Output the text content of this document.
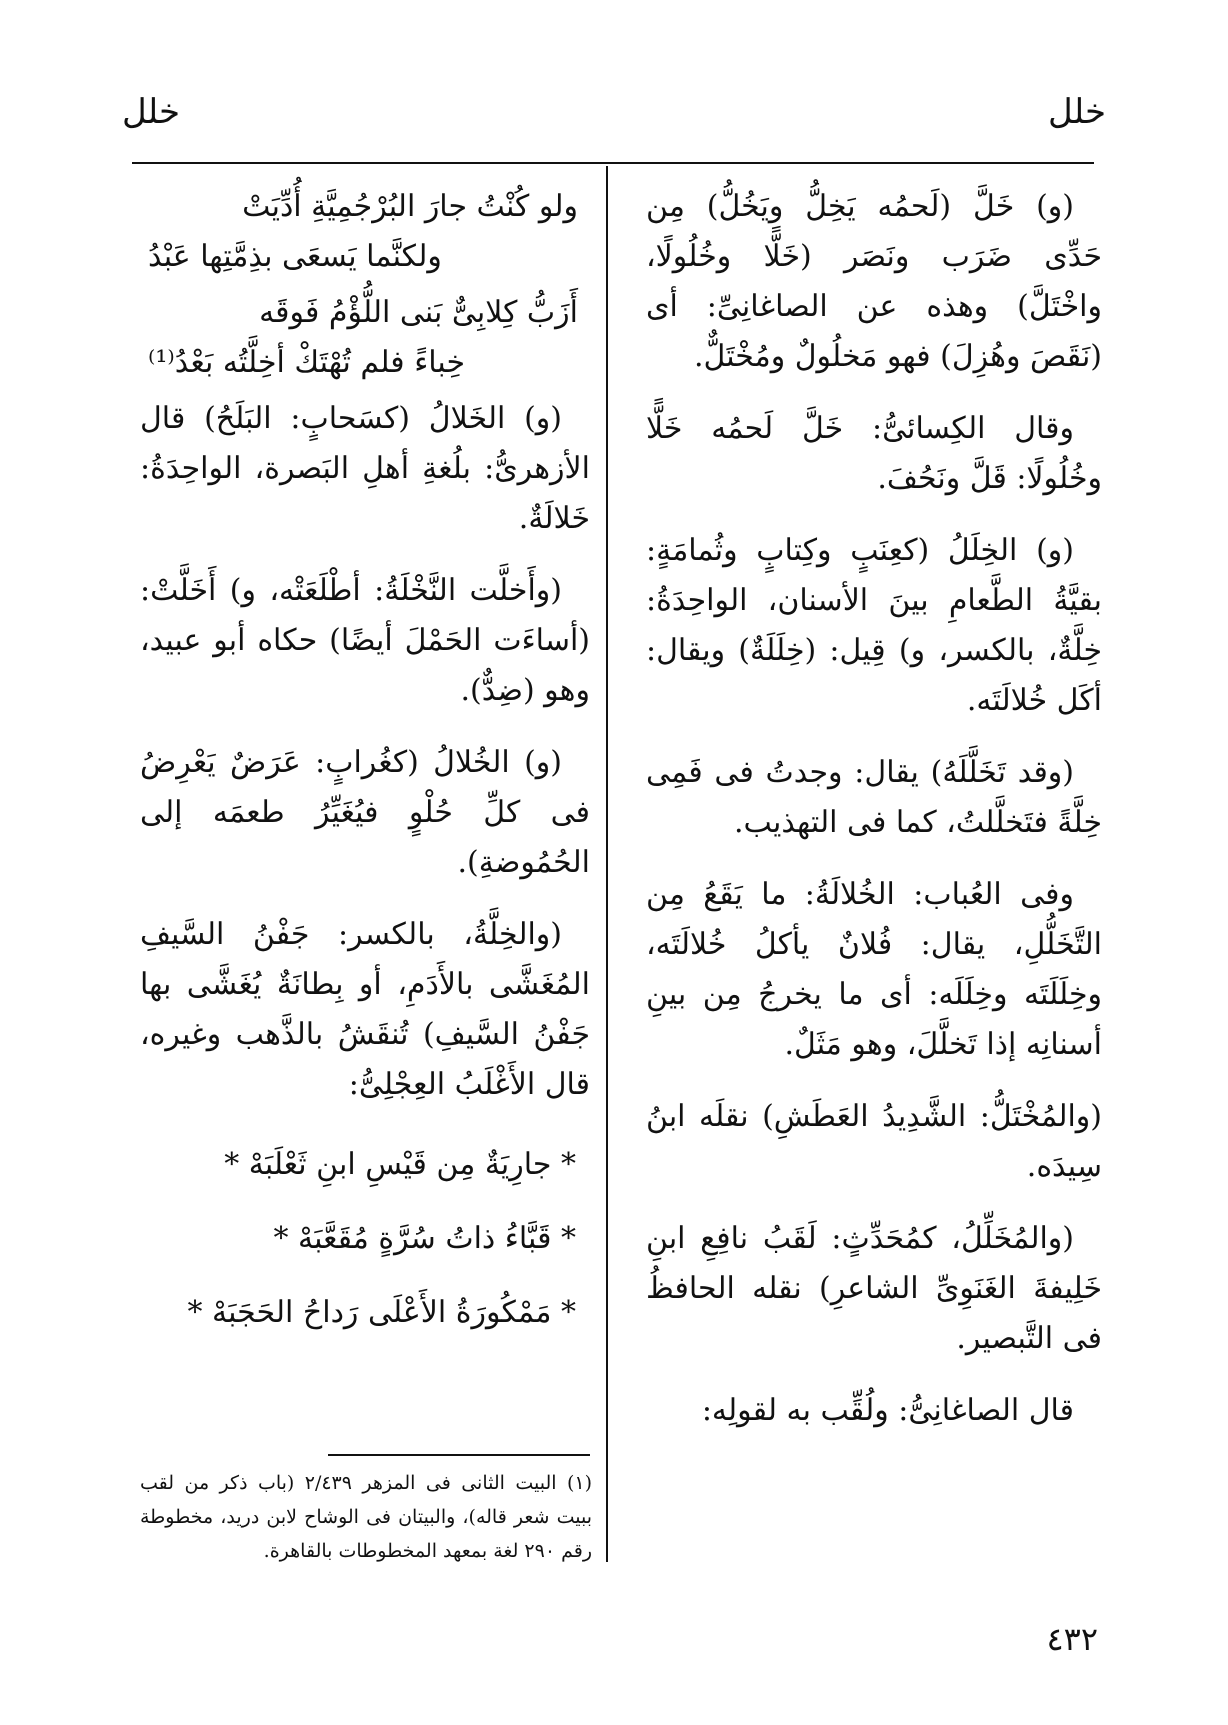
خلل
خلل

(و) خَلَّ (لَحمُه يَخِلُّ ويَخُلُّ) مِن حَدِّى ضَرَب ونَصَر (خَلًّا وخُلُولًا، واخْتَلَّ) وهذه عن الصاغانِىِّ: أى (نَقَصَ وهُزِلَ) فهو مَخلُولٌ ومُخْتَلٌّ.

وقال الكِسائىُّ: خَلَّ لَحمُه خَلًّا وخُلُولًا: قَلَّ ونَحُفَ.

(و) الخِلَلُ (كعِنَبٍ وكِتابٍ وثُمامَةٍ: بقيَّةُ الطَّعامِ بينَ الأسنان، الواحِدَةُ: خِلَّةٌ، بالكسر، و) قِيل: (خِلَلَةٌ) ويقال: أكَل خُلالَتَه.

(وقد تَخَلَّلَهُ) يقال: وجدتُ فى فَمِى خِلَّةً فتَخلَّلتُ، كما فى التهذيب.

وفى العُباب: الخُلالَةُ: ما يَقَعُ مِن التَّخَلُّلِ، يقال: فُلانٌ يأكلُ خُلالَتَه، وخِلَلَتَه وخِلَلَه: أى ما يخرجُ مِن بينِ أسنانِه إذا تَخلَّلَ، وهو مَثَلٌ.

(والمُخْتَلُّ: الشَّدِيدُ العَطَشِ) نقلَه ابنُ سِيدَه.

(والمُخَلِّلُ، كمُحَدِّثٍ: لَقَبُ نافِعِ ابنِ خَلِيفةَ الغَنَوِىِّ الشاعرِ) نقله الحافظُ فى التَّبصير.

قال الصاغانِىُّ: ولُقِّب به لقولِه:

ولو كُنْتُ جارَ البُرْجُمِيَّةِ أُدِّيَتْ
ولكنَّما يَسعَى بذِمَّتِها عَبْدُ
أَزَبُّ كِلابِىٌّ بَنى اللُّؤْمُ فَوقَه
خِباءً فلم تُهْتَكْ أخِلَّتُه بَعْدُ⁽¹⁾

(و) الخَلالُ (كسَحابٍ: البَلَحُ) قال الأزهرىُّ: بلُغةِ أهلِ البَصرة، الواحِدَةُ: خَلالَةٌ.

(وأَخلَّت النَّخْلَةُ: أطْلَعَتْه، و) أَخَلَّتْ: (أساءَت الحَمْلَ أيضًا) حكاه أبو عبيد، وهو (ضِدٌّ).

(و) الخُلالُ (كغُرابٍ: عَرَضٌ يَعْرِضُ فى كلِّ حُلْوٍ فيُغَيِّرُ طعمَه إلى الحُمُوضةِ).

(والخِلَّةُ، بالكسر: جَفْنُ السَّيفِ المُغَشَّى بالأَدَمِ، أو بِطانَةٌ يُغَشَّى بها جَفْنُ السَّيفِ) تُنقَشُ بالذَّهب وغيره، قال الأَغْلَبُ العِجْلِىُّ:

* جارِيَةٌ مِن قَيْسِ ابنِ ثَعْلَبَهْ *
* قَبَّاءُ ذاتُ سُرَّةٍ مُقَعَّبَهْ *
* مَمْكُورَةُ الأَعْلَى رَداحُ الحَجَبَهْ *
(١) البيت الثانى فى المزهر ٢/٤٣٩ (باب ذكر من لقب ببيت شعر قاله)، والبيتان فى الوشاح لابن دريد، مخطوطة رقم ٢٩٠ لغة بمعهد المخطوطات بالقاهرة.
٤٣٢
